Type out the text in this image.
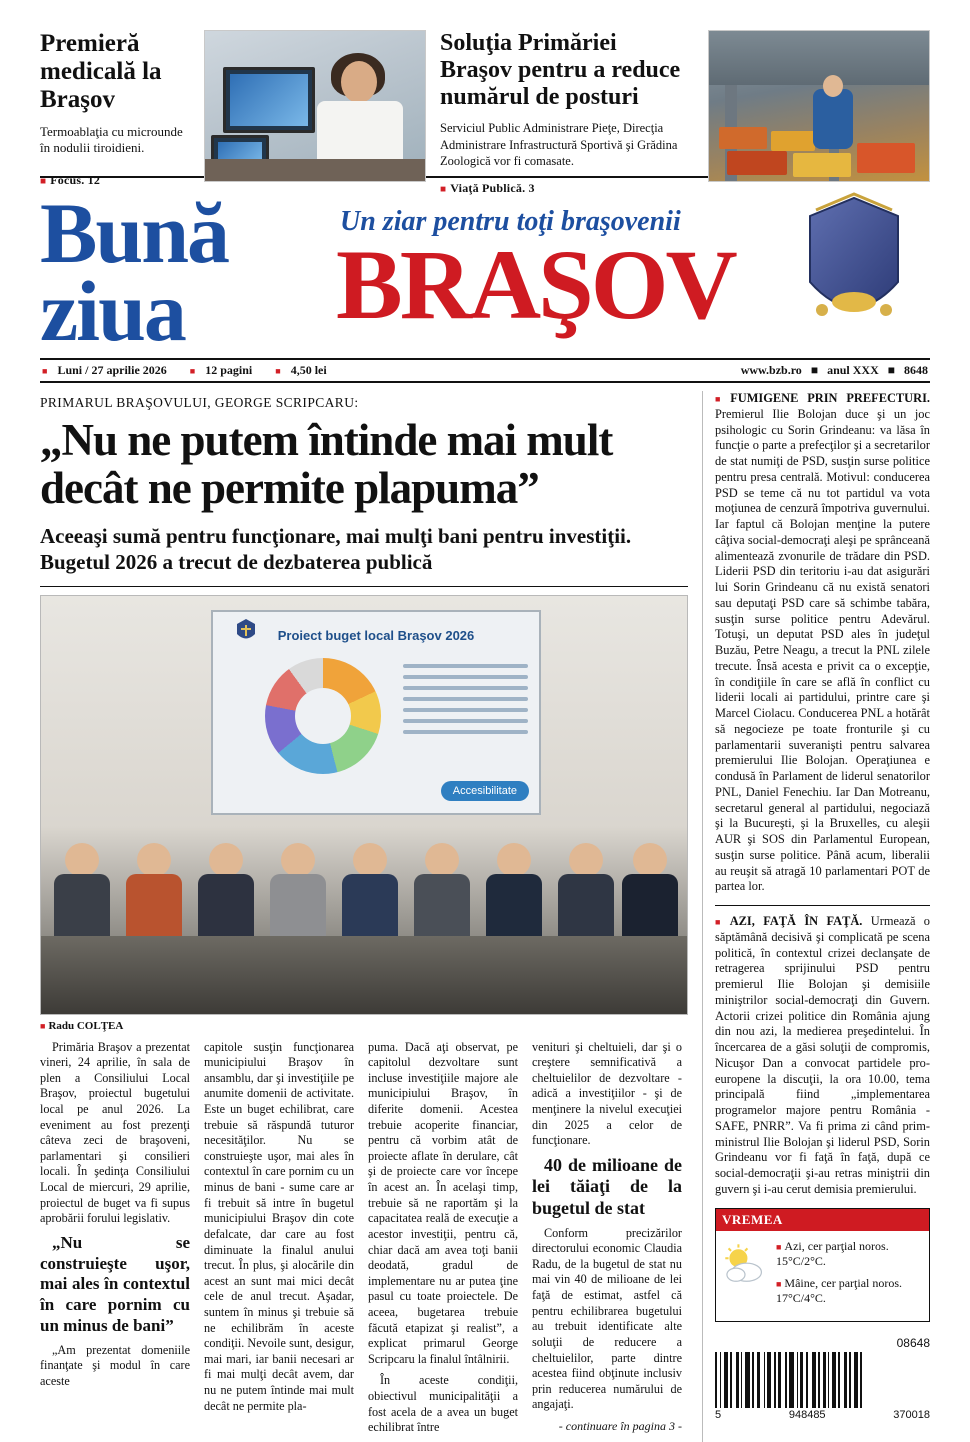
Premieră medicală la Braşov

Termoablaţia cu microunde în nodulii tiroidieni.

■ Focus. 12
Soluţia Primăriei Braşov pentru a reduce numărul de posturi

Serviciul Public Administrare Pieţe, Direcţia Administrare Infrastructură Sportivă şi Grădina Zoologică vor fi comasate.

■ Viaţă Publică. 3
Bună
ziua
Un ziar pentru toţi braşovenii
BRAŞOV
■ Luni / 27 aprilie 2026	■ 12 pagini	■ 4,50 lei	www.bzb.ro ■ anul XXX ■ 8648
PRIMARUL BRAŞOVULUI, GEORGE SCRIPCARU:
„Nu ne putem întinde mai mult decât ne permite plapuma”
Aceeaşi sumă pentru funcţionare, mai mulţi bani pentru investiţii. Bugetul 2026 a trecut de dezbaterea publică
Proiect buget local Braşov 2026
Accesibilitate
■ Radu COLŢEA

Primăria Braşov a prezentat vineri, 24 aprilie, în sala de plen a Consiliului Local Braşov, proiectul bugetului local pe anul 2026. La eveniment au fost prezenţi câteva zeci de braşoveni, parlamentari şi consilieri locali. În şedinţa Consiliului Local de miercuri, 29 aprilie, proiectul de buget va fi supus aprobării forului legislativ.

„Nu se construieşte uşor, mai ales în contextul în care pornim cu un minus de bani”

„Am prezentat domeniile finanţate şi modul în care aceste

capitole susţin funcţionarea municipiului Braşov în ansamblu, dar şi investiţiile pe anumite domenii de activitate. Este un buget echilibrat, care trebuie să răspundă tuturor necesităţilor. Nu se construieşte uşor, mai ales în contextul în care pornim cu un minus de bani - sume care ar fi trebuit să intre în bugetul municipiului Braşov din cote defalcate, dar care au fost diminuate la finalul anului trecut. În plus, şi alocările din acest an sunt mai mici decât cele de anul trecut. Aşadar, suntem în minus şi trebuie să ne echilibrăm în aceste condiţii. Nevoile sunt, desigur, mai mari, iar banii necesari ar fi mai mulţi decât avem, dar nu ne putem întinde mai mult decât ne permite pla-

puma. Dacă aţi observat, pe capitolul dezvoltare sunt incluse investiţiile majore ale municipiului Braşov, în diferite domenii. Acestea trebuie acoperite financiar, pentru că vorbim atât de proiecte aflate în derulare, cât şi de proiecte care vor începe în acest an. În acelaşi timp, trebuie să ne raportăm şi la capacitatea reală de execuţie a acestor investiţii, pentru că, chiar dacă am avea toţi banii deodată, gradul de implementare nu ar putea ţine pasul cu toate proiectele. De aceea, bugetarea trebuie făcută etapizat şi realist”, a explicat primarul George Scripcaru la finalul întâlnirii.

În aceste condiţii, obiectivul municipalităţii a fost acela de a avea un buget echilibrat între

venituri şi cheltuieli, dar şi o creştere semnificativă a cheltuielilor de dezvoltare - adică a investiţiilor - şi de menţinere la nivelul execuţiei din 2025 a celor de funcţionare.

40 de milioane de lei tăiaţi de la bugetul de stat

Conform precizărilor directorului economic Claudia Radu, de la bugetul de stat nu mai vin 40 de milioane de lei faţă de estimat, astfel că pentru echilibrarea bugetului au trebuit identificate alte soluţii de reducere a cheltuielilor, parte dintre acestea fiind obţinute inclusiv prin reducerea numărului de angajaţi.

- continuare în pagina 3 -
■ FUMIGENE PRIN PREFECTURI. Premierul Ilie Bolojan duce şi un joc psihologic cu Sorin Grindeanu: va lăsa în funcţie o parte a prefecţilor şi a secretarilor de stat numiţi de PSD, susţin surse politice pentru presa centrală. Motivul: conducerea PSD se teme că nu tot partidul va vota moţiunea de cenzură împotriva guvernului. Iar faptul că Bolojan menţine la putere câţiva social-democraţi aleşi pe sprânceană alimentează zvonurile de trădare din PSD. Liderii PSD din teritoriu i-au dat asigurări lui Sorin Grindeanu că nu există senatori sau deputaţi PSD care să schimbe tabăra, susţin surse politice pentru Adevărul. Totuşi, un deputat PSD ales în judeţul Buzău, Petre Neagu, a trecut la PNL zilele trecute. Însă acesta e privit ca o excepţie, în condiţiile în care se află în conflict cu liderii locali ai partidului, printre care şi Marcel Ciolacu. Conducerea PNL a hotărât să negocieze pe toate fronturile şi cu parlamentarii suveranişti pentru salvarea premierului Ilie Bolojan. Operaţiunea e condusă în Parlament de liderul senatorilor PNL, Daniel Fenechiu. Iar Dan Motreanu, secretarul general al partidului, negociază şi la Bucureşti, şi la Bruxelles, cu aleşii AUR şi SOS din Parlamentul European, susţin surse politice. Până acum, liberalii au reuşit să atragă 10 parlamentari POT de partea lor.
■ AZI, FAŢĂ ÎN FAŢĂ. Urmează o săptămână decisivă şi complicată pe scena politică, în contextul crizei declanşate de retragerea sprijinului PSD pentru premierul Ilie Bolojan şi demisiile miniştrilor social-democraţi din Guvern. Actorii crizei politice din România ajung din nou azi, la medierea preşedintelui. În încercarea de a găsi soluţii de compromis, Nicuşor Dan a convocat partidele pro-europene la discuţii, la ora 10.00, tema principală fiind „implementarea programelor majore pentru România - SAFE, PNRR”. Va fi prima zi când prim-ministrul Ilie Bolojan şi liderul PSD, Sorin Grindeanu vor fi faţă în faţă, după ce social-democraţii şi-au retras miniştrii din guvern şi i-au cerut demisia premierului.
VREMEA
■ Azi, cer parţial noros. 15°C/2°C.
■ Mâine, cer parţial noros. 17°C/4°C.
08648
5	948485	370018
